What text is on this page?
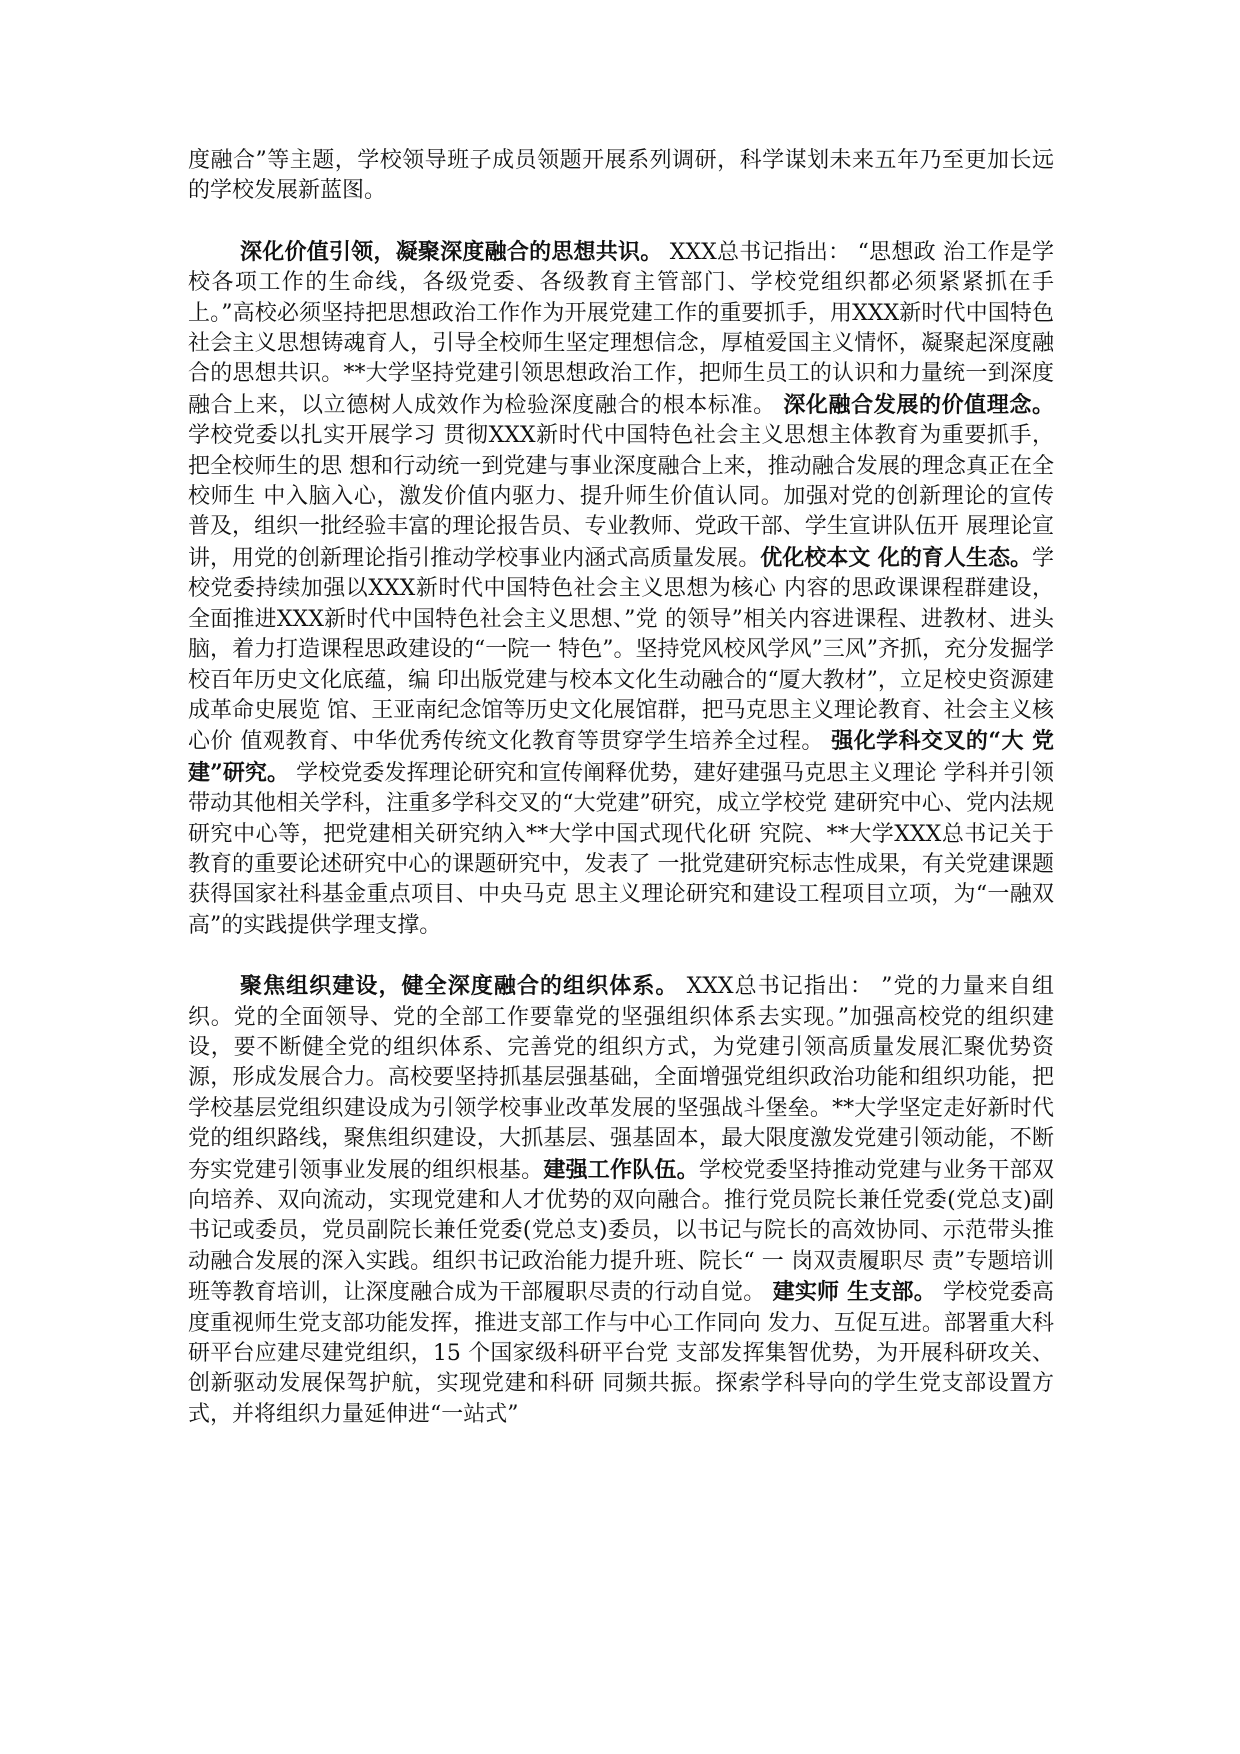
度融合”等主题，学校领导班子成员领题开展系列调研，科学谋划未来五年乃至更加长远的学校发展新蓝图。

深化价值引领，凝聚深度融合的思想共识。 XXX总书记指出： “思想政 治工作是学校各项工作的生命线，各级党委、各级教育主管部门、学校党组织都必须紧紧抓在手上。”高校必须坚持把思想政治工作作为开展党建工作的重要抓手，用XXX新时代中国特色社会主义思想铸魂育人，引导全校师生坚定理想信念，厚植爱国主义情怀，凝聚起深度融合的思想共识。**大学坚持党建引领思想政治工作，把师生员工的认识和力量统一到深度融合上来，以立德树人成效作为检验深度融合的根本标准。 深化融合发展的价值理念。 学校党委以扎实开展学习 贯彻XXX新时代中国特色社会主义思想主体教育为重要抓手，把全校师生的思 想和行动统一到党建与事业深度融合上来，推动融合发展的理念真正在全校师生 中入脑入心，激发价值内驱力、提升师生价值认同。加强对党的创新理论的宣传 普及，组织一批经验丰富的理论报告员、专业教师、党政干部、学生宣讲队伍开 展理论宣讲，用党的创新理论指引推动学校事业内涵式高质量发展。优化校本文 化的育人生态。学校党委持续加强以XXX新时代中国特色社会主义思想为核心 内容的思政课课程群建设，全面推进XXX新时代中国特色社会主义思想、”党 的领导”相关内容进课程、进教材、进头脑，着力打造课程思政建设的“一院一 特色”。坚持党风校风学风”三风”齐抓，充分发掘学校百年历史文化底蕴，编 印出版党建与校本文化生动融合的“厦大教材”，立足校史资源建成革命史展览 馆、王亚南纪念馆等历史文化展馆群，把马克思主义理论教育、社会主义核心价 值观教育、中华优秀传统文化教育等贯穿学生培养全过程。 强化学科交叉的“大 党建”研究。 学校党委发挥理论研究和宣传阐释优势，建好建强马克思主义理论 学科并引领带动其他相关学科，注重多学科交叉的“大党建”研究，成立学校党 建研究中心、党内法规研究中心等，把党建相关研究纳入**大学中国式现代化研 究院、**大学XXX总书记关于教育的重要论述研究中心的课题研究中，发表了 一批党建研究标志性成果，有关党建课题获得国家社科基金重点项目、中央马克 思主义理论研究和建设工程项目立项，为“一融双高”的实践提供学理支撑。

聚焦组织建设，健全深度融合的组织体系。 XXX总书记指出： ”党的力量来自组织。党的全面领导、党的全部工作要靠党的坚强组织体系去实现。”加强高校党的组织建设，要不断健全党的组织体系、完善党的组织方式，为党建引领高质量发展汇聚优势资源，形成发展合力。高校要坚持抓基层强基础，全面增强党组织政治功能和组织功能，把学校基层党组织建设成为引领学校事业改革发展的坚强战斗堡垒。**大学坚定走好新时代党的组织路线，聚焦组织建设，大抓基层、强基固本，最大限度激发党建引领动能，不断夯实党建引领事业发展的组织根基。建强工作队伍。学校党委坚持推动党建与业务干部双向培养、双向流动，实现党建和人才优势的双向融合。推行党员院长兼任党委(党总支)副书记或委员，党员副院长兼任党委(党总支)委员，以书记与院长的高效协同、示范带头推动融合发展的深入实践。组织书记政治能力提升班、院长“ 一 岗双责履职尽 责”专题培训班等教育培训，让深度融合成为干部履职尽责的行动自觉。 建实师 生支部。 学校党委高度重视师生党支部功能发挥，推进支部工作与中心工作同向 发力、互促互进。部署重大科研平台应建尽建党组织，15 个国家级科研平台党 支部发挥集智优势，为开展科研攻关、创新驱动发展保驾护航，实现党建和科研 同频共振。探索学科导向的学生党支部设置方式，并将组织力量延伸进“一站式”
